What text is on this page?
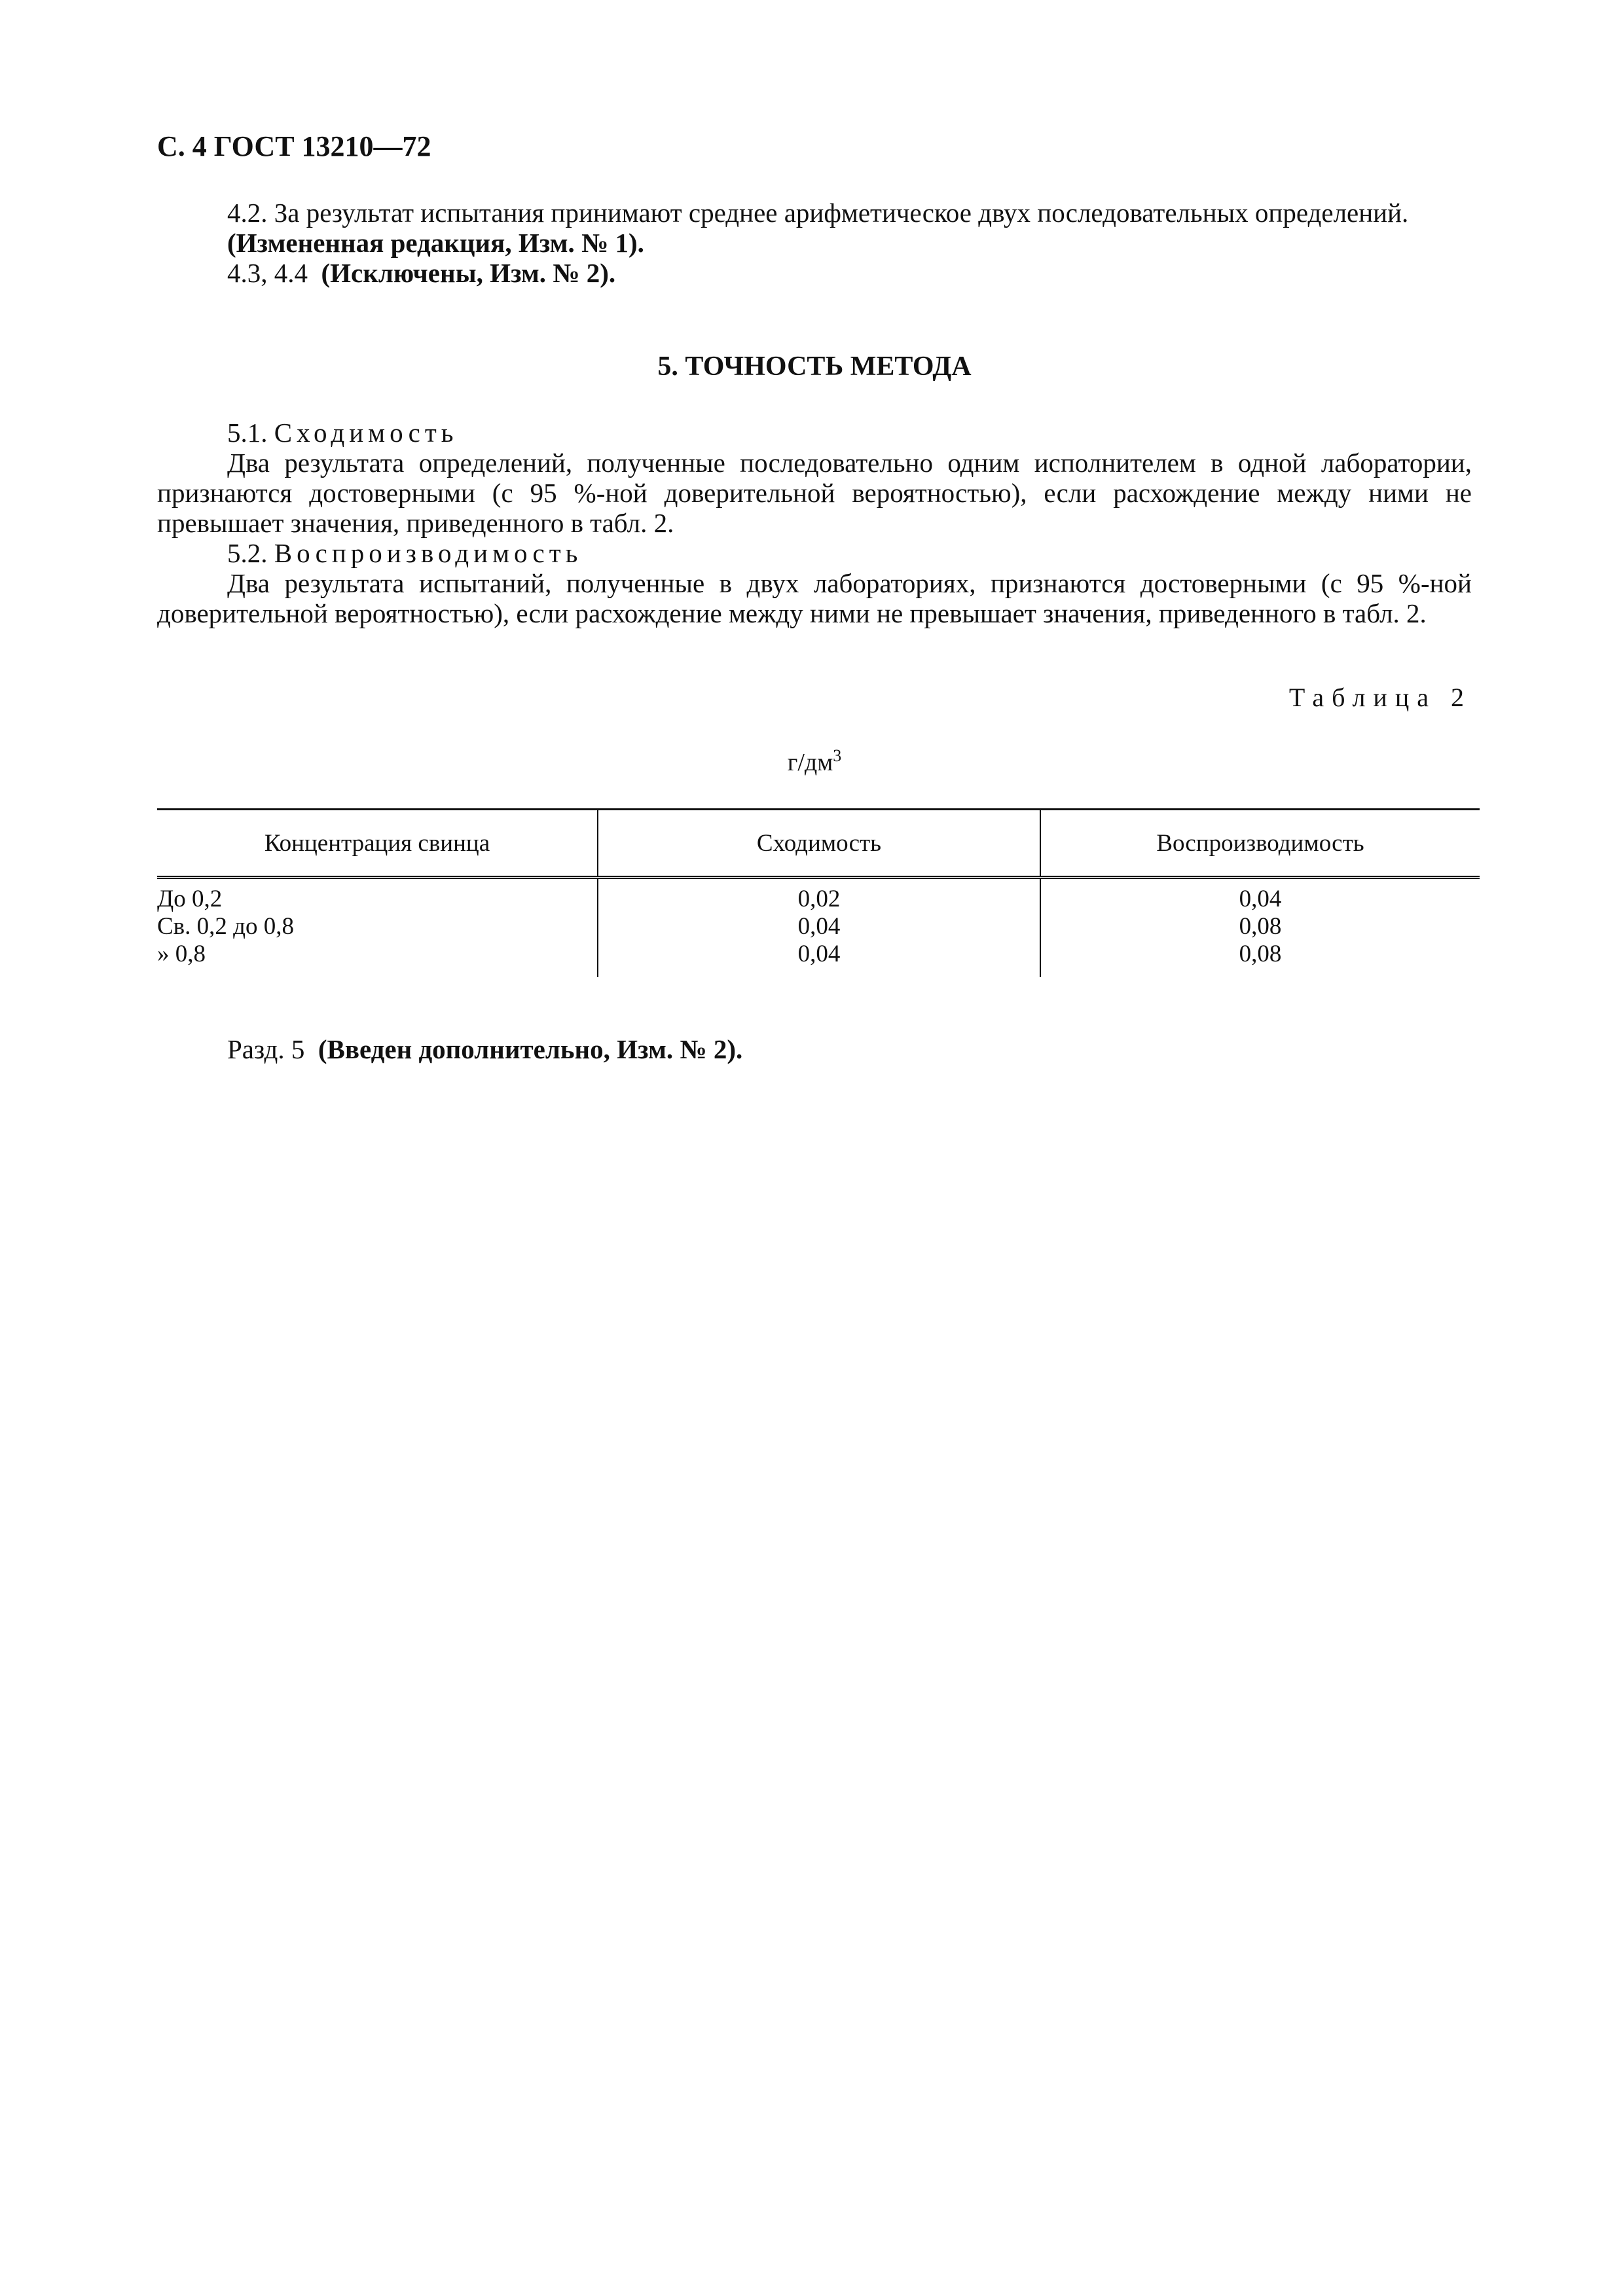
С. 4 ГОСТ 13210—72

4.2. За результат испытания принимают среднее арифметическое двух последовательных определений.

(Измененная редакция, Изм. № 1).

4.3, 4.4 (Исключены, Изм. № 2).

5. ТОЧНОСТЬ МЕТОДА

5.1. Сходимость

Два результата определений, полученные последовательно одним исполнителем в одной лаборатории, признаются достоверными (с 95 %-ной доверительной вероятностью), если расхождение между ними не превышает значения, приведенного в табл. 2.

5.2. Воспроизводимость

Два результата испытаний, полученные в двух лабораториях, признаются достоверными (с 95 %-ной доверительной вероятностью), если расхождение между ними не превышает значения, приведенного в табл. 2.

Таблица 2
$г/дм^3$
Концентрация свинца	Сходимость	Воспроизводимость
До 0,2	0,02	0,04
Св. 0,2 до 0,8	0,04	0,08
» 0,8	0,04	0,08

Разд. 5 (Введен дополнительно, Изм. № 2).
